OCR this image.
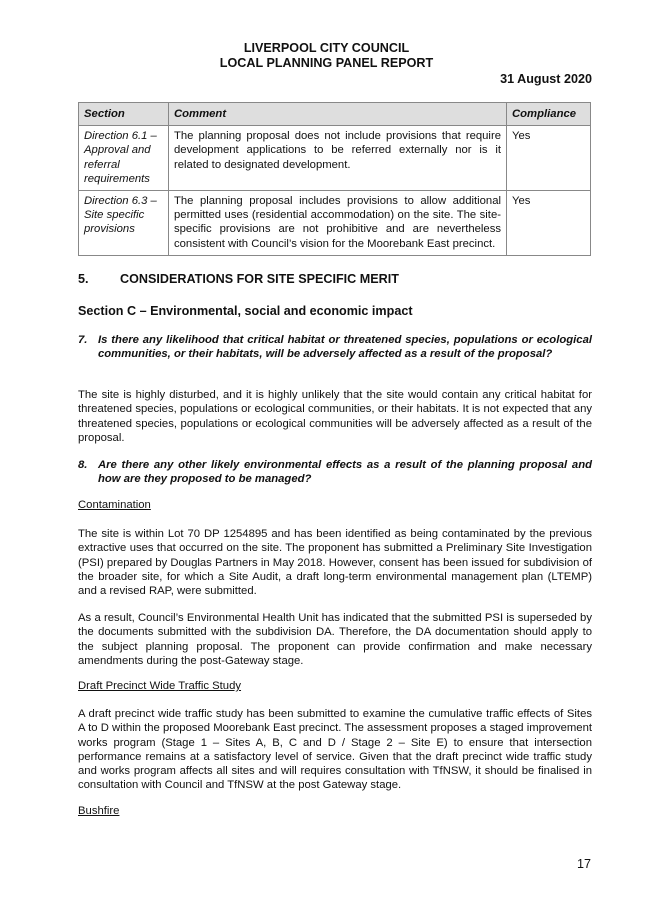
LIVERPOOL CITY COUNCIL
LOCAL PLANNING PANEL REPORT
31 August 2020
Section	Comment	Compliance
Direction 6.1 – Approval and referral requirements	The planning proposal does not include provisions that require development applications to be referred externally nor is it related to designated development.	Yes
Direction 6.3 – Site specific provisions	The planning proposal includes provisions to allow additional permitted uses (residential accommodation) on the site. The site-specific provisions are not prohibitive and are nevertheless consistent with Council’s vision for the Moorebank East precinct.	Yes
5. CONSIDERATIONS FOR SITE SPECIFIC MERIT
Section C – Environmental, social and economic impact
7. Is there any likelihood that critical habitat or threatened species, populations or ecological communities, or their habitats, will be adversely affected as a result of the proposal?

The site is highly disturbed, and it is highly unlikely that the site would contain any critical habitat for threatened species, populations or ecological communities, or their habitats. It is not expected that any threatened species, populations or ecological communities will be adversely affected as a result of the proposal.

8. Are there any other likely environmental effects as a result of the planning proposal and how are they proposed to be managed?
Contamination

The site is within Lot 70 DP 1254895 and has been identified as being contaminated by the previous extractive uses that occurred on the site. The proponent has submitted a Preliminary Site Investigation (PSI) prepared by Douglas Partners in May 2018. However, consent has been issued for subdivision of the broader site, for which a Site Audit, a draft long-term environmental management plan (LTEMP) and a revised RAP, were submitted.

As a result, Council’s Environmental Health Unit has indicated that the submitted PSI is superseded by the documents submitted with the subdivision DA. Therefore, the DA documentation should apply to the subject planning proposal. The proponent can provide confirmation and make necessary amendments during the post-Gateway stage.

Draft Precinct Wide Traffic Study

A draft precinct wide traffic study has been submitted to examine the cumulative traffic effects of Sites A to D within the proposed Moorebank East precinct. The assessment proposes a staged improvement works program (Stage 1 – Sites A, B, C and D / Stage 2 – Site E) to ensure that intersection performance remains at a satisfactory level of service. Given that the draft precinct wide traffic study and works program affects all sites and will requires consultation with TfNSW, it should be finalised in consultation with Council and TfNSW at the post Gateway stage.

Bushfire
17
